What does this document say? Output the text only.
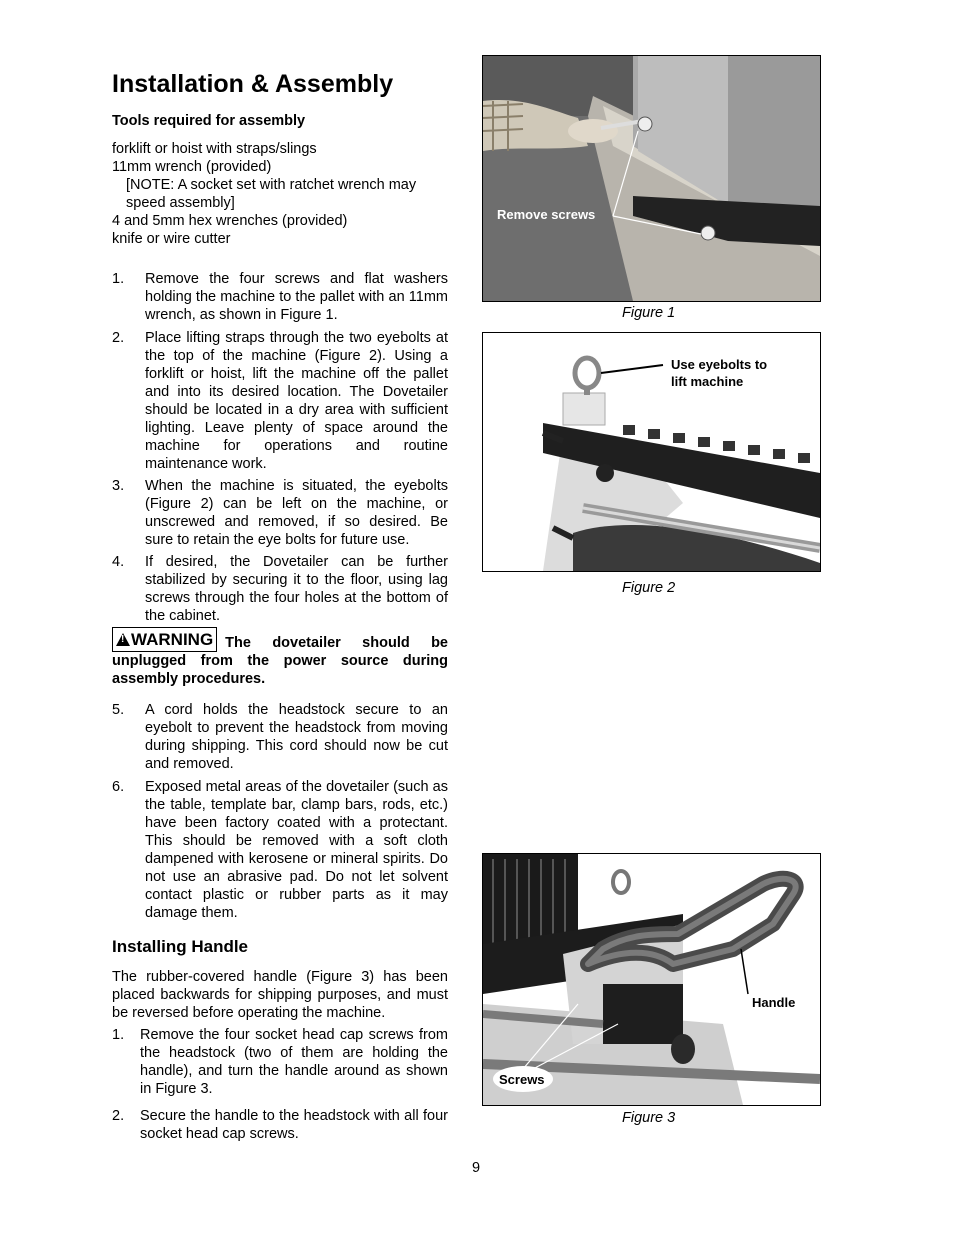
Installation & Assembly
Tools required for assembly
forklift or hoist with straps/slings
11mm wrench (provided)
[NOTE: A socket set with ratchet wrench may speed assembly]
4 and 5mm hex wrenches (provided)
knife or wire cutter
1. Remove the four screws and flat washers holding the machine to the pallet with an 11mm wrench, as shown in Figure 1.
2. Place lifting straps through the two eyebolts at the top of the machine (Figure 2). Using a forklift or hoist, lift the machine off the pallet and into its desired location. The Dovetailer should be located in a dry area with sufficient lighting. Leave plenty of space around the machine for operations and routine maintenance work.
3. When the machine is situated, the eyebolts (Figure 2) can be left on the machine, or unscrewed and removed, if so desired. Be sure to retain the eye bolts for future use.
4. If desired, the Dovetailer can be further stabilized by securing it to the floor, using lag screws through the four holes at the bottom of the cabinet.
!WARNING The dovetailer should be unplugged from the power source during assembly procedures.
5. A cord holds the headstock secure to an eyebolt to prevent the headstock from moving during shipping. This cord should now be cut and removed.
6. Exposed metal areas of the dovetailer (such as the table, template bar, clamp bars, rods, etc.) have been factory coated with a protectant. This should be removed with a soft cloth dampened with kerosene or mineral spirits. Do not use an abrasive pad. Do not let solvent contact plastic or rubber parts as it may damage them.
Installing Handle
The rubber-covered handle (Figure 3) has been placed backwards for shipping purposes, and must be reversed before operating the machine.
1. Remove the four socket head cap screws from the headstock (two of them are holding the handle), and turn the handle around as shown in Figure 3.
2. Secure the handle to the headstock with all four socket head cap screws.
Remove screws
Figure 1
Use eyebolts to
lift machine
Figure 2
Handle
Screws
Figure 3
9
